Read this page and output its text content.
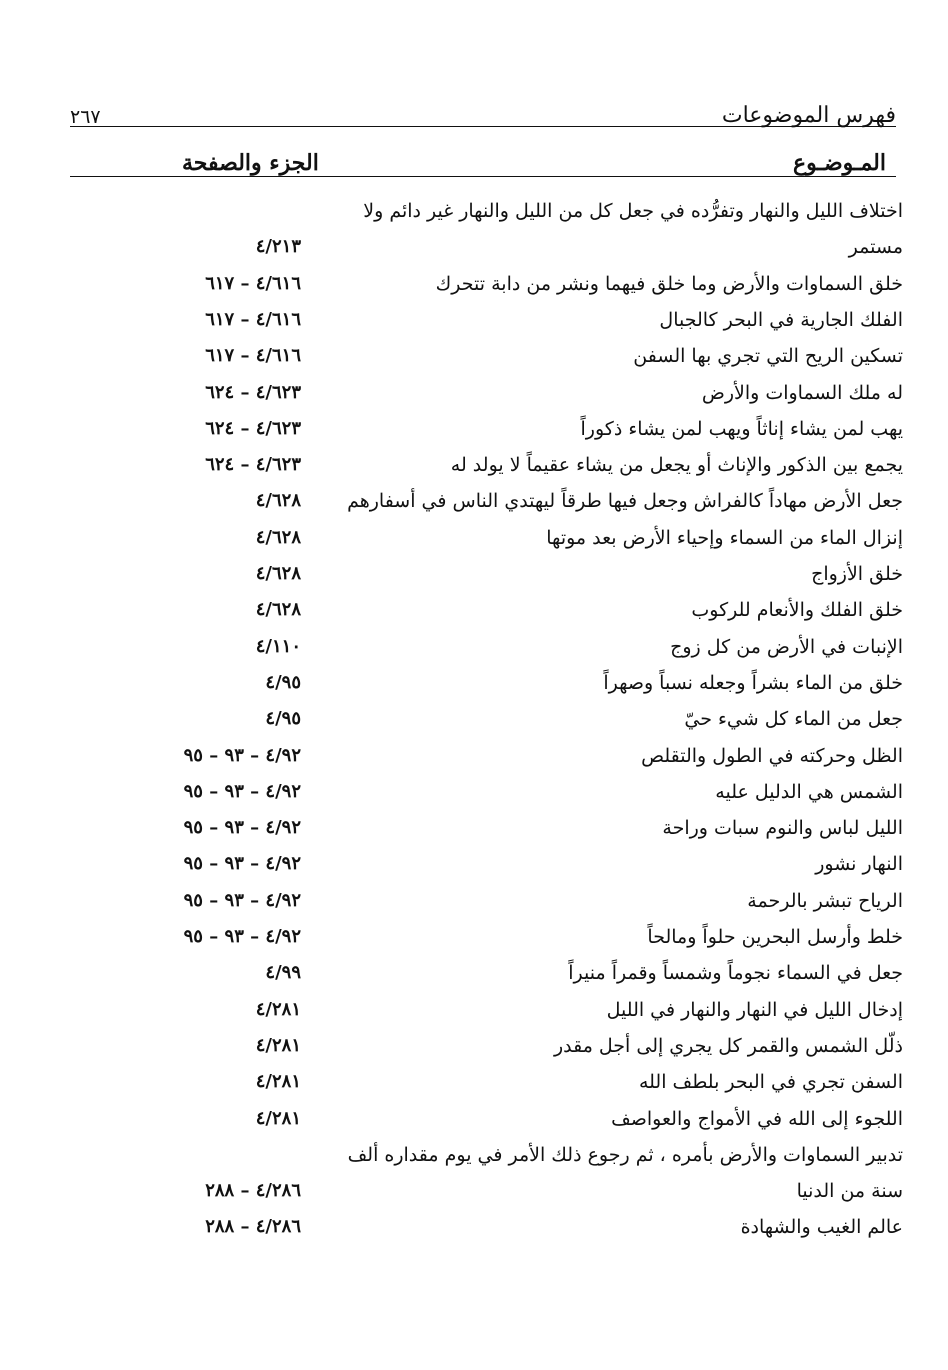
٢٦٧	فهرس الموضوعات
الجزء والصفحة	المـوضـوع
اختلاف الليل والنهار وتفرُّده في جعل كل من الليل والنهار غير دائم ولا
مستمر
٤/٢١٣
خلق السماوات والأرض وما خلق فيهما ونشر من دابة تتحرك
٤/٦١٦ – ٦١٧
الفلك الجارية في البحر كالجبال
٤/٦١٦ – ٦١٧
تسكين الريح التي تجري بها السفن
٤/٦١٦ – ٦١٧
له ملك السماوات والأرض
٤/٦٢٣ – ٦٢٤
يهب لمن يشاء إناثاً ويهب لمن يشاء ذكوراً
٤/٦٢٣ – ٦٢٤
يجمع بين الذكور والإناث أو يجعل من يشاء عقيماً لا يولد له
٤/٦٢٣ – ٦٢٤
جعل الأرض مهاداً كالفراش وجعل فيها طرقاً ليهتدي الناس في أسفارهم
٤/٦٢٨
إنزال الماء من السماء وإحياء الأرض بعد موتها
٤/٦٢٨
خلق الأزواج
٤/٦٢٨
خلق الفلك والأنعام للركوب
٤/٦٢٨
الإنبات في الأرض من كل زوج
٤/١١٠
خلق من الماء بشراً وجعله نسباً وصهراً
٤/٩٥
جعل من الماء كل شيء حيّ
٤/٩٥
الظل وحركته في الطول والتقلص
٤/٩٢ – ٩٣ – ٩٥
الشمس هي الدليل عليه
٤/٩٢ – ٩٣ – ٩٥
الليل لباس والنوم سبات وراحة
٤/٩٢ – ٩٣ – ٩٥
النهار نشور
٤/٩٢ – ٩٣ – ٩٥
الرياح تبشر بالرحمة
٤/٩٢ – ٩٣ – ٩٥
خلط وأرسل البحرين حلواً ومالحاً
٤/٩٢ – ٩٣ – ٩٥
جعل في السماء نجوماً وشمساً وقمراً منيراً
٤/٩٩
إدخال الليل في النهار والنهار في الليل
٤/٢٨١
ذلّل الشمس والقمر كل يجري إلى أجل مقدر
٤/٢٨١
السفن تجري في البحر بلطف الله
٤/٢٨١
اللجوء إلى الله في الأمواج والعواصف
٤/٢٨١
تدبير السماوات والأرض بأمره ، ثم رجوع ذلك الأمر في يوم مقداره ألف
سنة من الدنيا
٤/٢٨٦ – ٢٨٨
عالم الغيب والشهادة
٤/٢٨٦ – ٢٨٨
